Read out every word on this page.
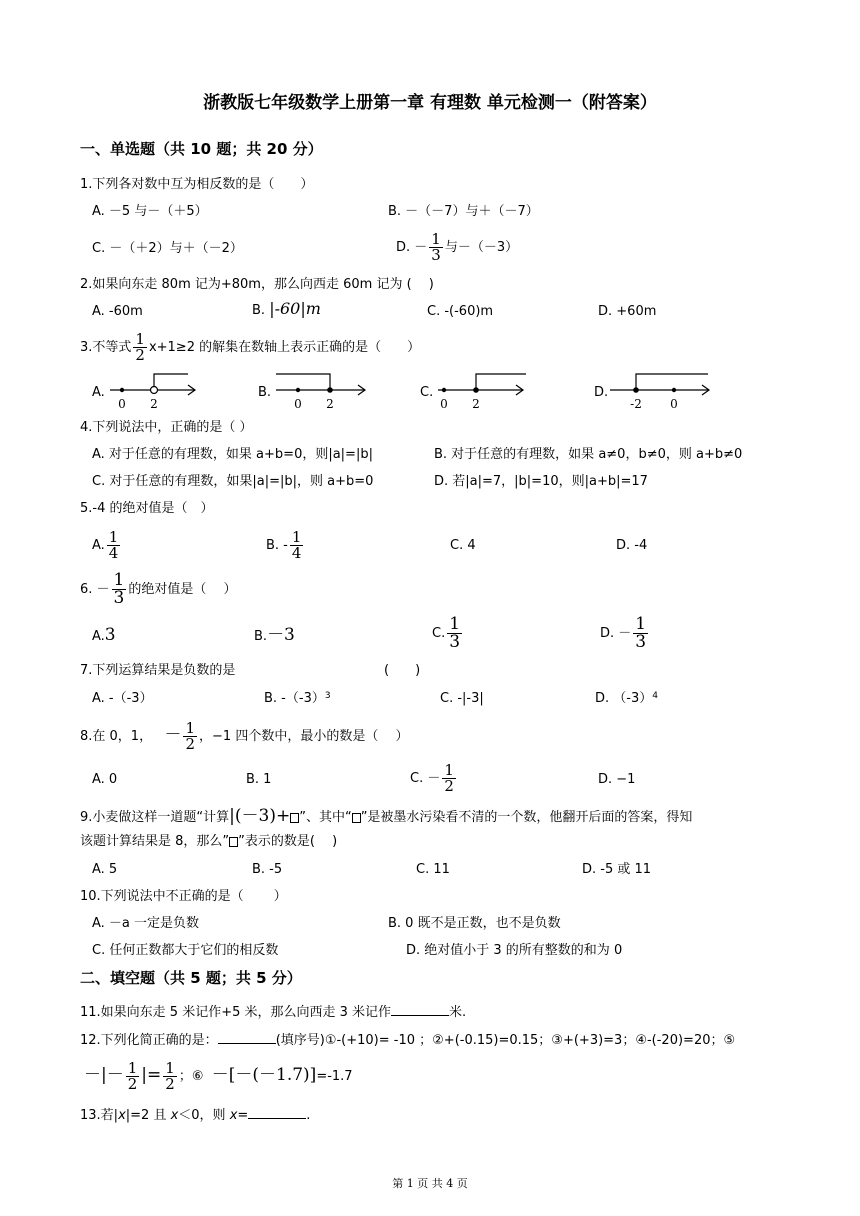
浙教版七年级数学上册第一章 有理数 单元检测一（附答案）
一、单选题（共 10 题；共 20 分）
1.下列各对数中互为相反数的是（　　）
A. －5 与－（＋5）	B. －（－7）与＋（－7）
C. －（＋2）与＋（－2）	D. － $\frac{1}{3}$ 与－（－3）
2.如果向东走 80m 记为+80m，那么向西走 60m 记为 (　 )
A. -60m	B. |-60|m	C. -(-60)m	D. +60m
3.不等式 $\frac{1}{2} x+1\ge 2$ 的解集在数轴上表示正确的是（　　）
A.
0 2
B.
0 2
C.
0 2
D.
-2 0
4.下列说法中，正确的是（ ）
A. 对于任意的有理数，如果 a+b=0，则|a|=|b|	B. 对于任意的有理数，如果 a≠0，b≠0，则 a+b≠0
C. 对于任意的有理数，如果|a|=|b|，则 a+b=0	D. 若|a|=7，|b|=10，则|a+b|=17
5.-4 的绝对值是（　）
A. $\frac{1}{4}$	B. - $\frac{1}{4}$	C. 4	D. -4
6. － $\frac{1}{3}$ 的绝对值是（　 ）
A.3	B.－3	C. $\frac{1}{3}$	D. － $\frac{1}{3}$
7.下列运算结果是负数的是	(　　)
A. -（-3）	B. $-(-3)^3$	C. -|-3|	D. $(-3)^4$
8.在 0，1， － $\frac{1}{2}$ ，−1 四个数中，最小的数是（　 ）
A. 0	B. 1	C. － $\frac{1}{2}$	D. −1
9.小麦做这样一道题“计算|(－3)+ ”、其中“ ”是被墨水污染看不清的一个数，他翻开后面的答案，得知
该题计算结果是 8，那么” ”表示的数是(　 )
A. 5	B. -5	C. 11	D. -5 或 11
10.下列说法中不正确的是（　　 ）
A. －a 一定是负数	B. 0 既不是正数，也不是负数
C. 任何正数都大于它们的相反数	D. 绝对值小于 3 的所有整数的和为 0
二、填空题（共 5 题；共 5 分）
11.如果向东走 5 米记作+5 米，那么向西走 3 米记作	米.
12.下列化简正确的是：	(填序号)①-(+10)= -10 ；②+(-0.15)=0.15；③+(+3)=3；④-(-20)=20；⑤
－|－ $\frac{1}{2}$ |= $\frac{1}{2}$ ；⑥ －[－(－1.7)]=-1.7
13.若|x|=2 且 x＜0，则 x=	.
第 1 页 共 4 页
